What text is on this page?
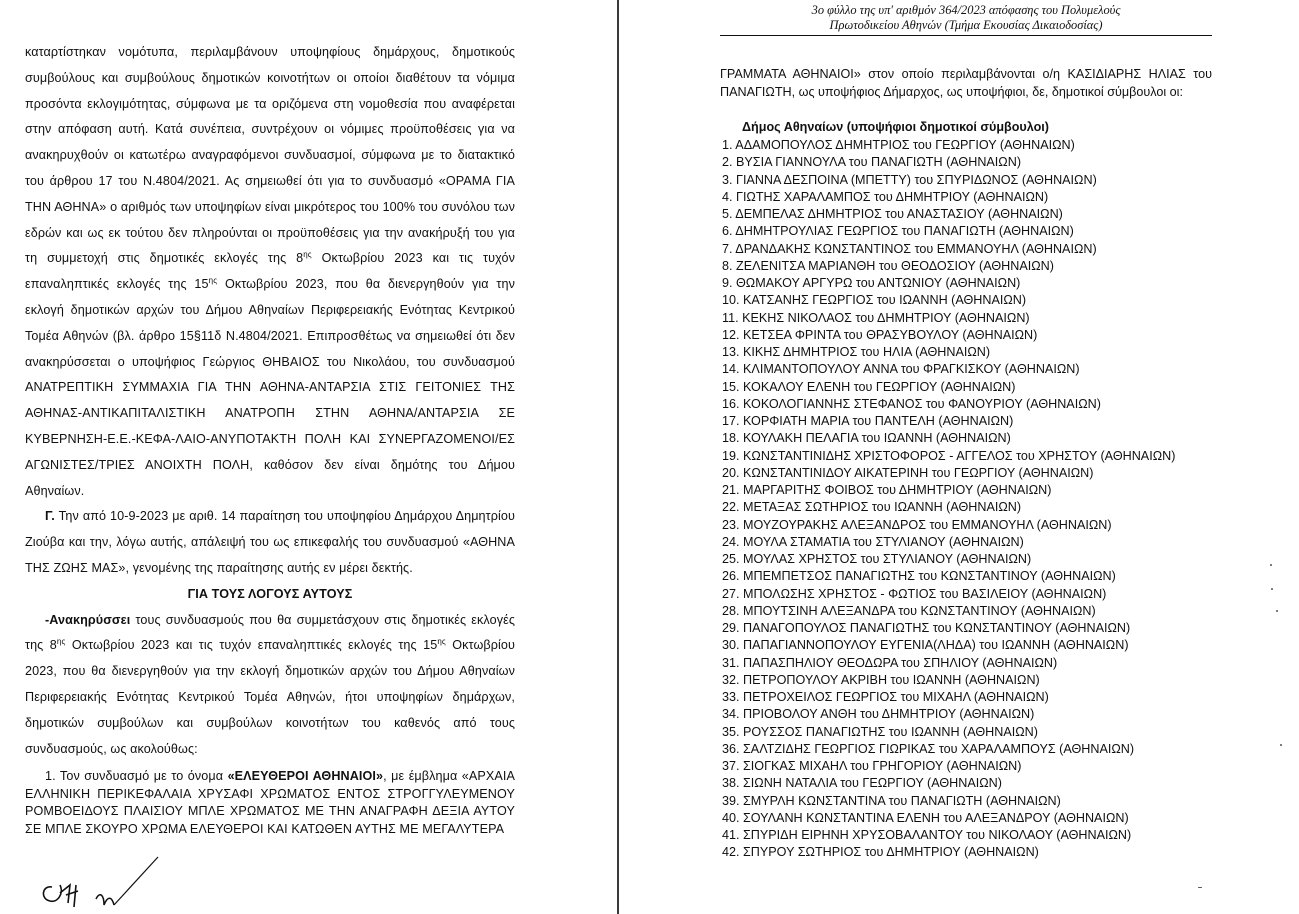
καταρτίστηκαν νομότυπα, περιλαμβάνουν υποψηφίους δημάρχους, δημοτικούς συμβούλους και συμβούλους δημοτικών κοινοτήτων οι οποίοι διαθέτουν τα νόμιμα προσόντα εκλογιμότητας, σύμφωνα με τα οριζόμενα στη νομοθεσία που αναφέρεται στην απόφαση αυτή. Κατά συνέπεια, συντρέχουν οι νόμιμες προϋποθέσεις για να ανακηρυχθούν οι κατωτέρω αναγραφόμενοι συνδυασμοί, σύμφωνα με το διατακτικό του άρθρου 17 του Ν.4804/2021. Ας σημειωθεί ότι για το συνδυασμό «ΟΡΑΜΑ ΓΙΑ ΤΗΝ ΑΘΗΝΑ» ο αριθμός των υποψηφίων είναι μικρότερος του 100% του συνόλου των εδρών και ως εκ τούτου δεν πληρούνται οι προϋποθέσεις για την ανακήρυξή του για τη συμμετοχή στις δημοτικές εκλογές της $8^{\eta\varsigma}$ Οκτωβρίου 2023 και τις τυχόν επαναληπτικές εκλογές της $15^{\eta\varsigma}$ Οκτωβρίου 2023, που θα διενεργηθούν για την εκλογή δημοτικών αρχών του Δήμου Αθηναίων Περιφερειακής Ενότητας Κεντρικού Τομέα Αθηνών (βλ. άρθρο 15§11δ Ν.4804/2021. Επιπροσθέτως να σημειωθεί ότι δεν ανακηρύσσεται ο υποψήφιος Γεώργιος ΘΗΒΑΙΟΣ του Νικολάου, του συνδυασμού ΑΝΑΤΡΕΠΤΙΚΗ ΣΥΜΜΑΧΙΑ ΓΙΑ ΤΗΝ ΑΘΗΝΑ-ΑΝΤΑΡΣΙΑ ΣΤΙΣ ΓΕΙΤΟΝΙΕΣ ΤΗΣ ΑΘΗΝΑΣ-ΑΝΤΙΚΑΠΙΤΑΛΙΣΤΙΚΗ ΑΝΑΤΡΟΠΗ ΣΤΗΝ ΑΘΗΝΑ/ΑΝΤΑΡΣΙΑ ΣΕ ΚΥΒΕΡΝΗΣΗ-Ε.Ε.-ΚΕΦΑ-ΛΑΙΟ-ΑΝΥΠΟΤΑΚΤΗ ΠΟΛΗ ΚΑΙ ΣΥΝΕΡΓΑΖΟΜΕΝΟΙ/ΕΣ ΑΓΩΝΙΣΤΕΣ/ΤΡΙΕΣ ΑΝΟΙΧΤΗ ΠΟΛΗ, καθόσον δεν είναι δημότης του Δήμου Αθηναίων.

Γ. Την από 10-9-2023 με αριθ. 14 παραίτηση του υποψηφίου Δημάρχου Δημητρίου Ζιούβα και την, λόγω αυτής, απάλειψή του ως επικεφαλής του συνδυασμού «ΑΘΗΝΑ ΤΗΣ ΖΩΗΣ ΜΑΣ», γενομένης της παραίτησης αυτής εν μέρει δεκτής.

ΓΙΑ ΤΟΥΣ ΛΟΓΟΥΣ ΑΥΤΟΥΣ

-Ανακηρύσσει τους συνδυασμούς που θα συμμετάσχουν στις δημοτικές εκλογές της $8^{\eta\varsigma}$ Οκτωβρίου 2023 και τις τυχόν επαναληπτικές εκλογές της $15^{\eta\varsigma}$ Οκτωβρίου 2023, που θα διενεργηθούν για την εκλογή δημοτικών αρχών του Δήμου Αθηναίων Περιφερειακής Ενότητας Κεντρικού Τομέα Αθηνών, ήτοι υποψηφίων δημάρχων, δημοτικών συμβούλων και συμβούλων κοινοτήτων του καθενός από τους συνδυασμούς, ως ακολούθως:

1. Τον συνδυασμό με το όνομα «ΕΛΕΥΘΕΡΟΙ ΑΘΗΝΑΙΟΙ», με έμβλημα «ΑΡΧΑΙΑ ΕΛΛΗΝΙΚΗ ΠΕΡΙΚΕΦΑΛΑΙΑ ΧΡΥΣΑΦΙ ΧΡΩΜΑΤΟΣ ΕΝΤΟΣ ΣΤΡΟΓΓΥΛΕΥΜΕΝΟΥ ΡΟΜΒΟΕΙΔΟΥΣ ΠΛΑΙΣΙΟΥ ΜΠΛΕ ΧΡΩΜΑΤΟΣ ΜΕ ΤΗΝ ΑΝΑΓΡΑΦΗ ΔΕΞΙΑ ΑΥΤΟΥ ΣΕ ΜΠΛΕ ΣΚΟΥΡΟ ΧΡΩΜΑ ΕΛΕΥΘΕΡΟΙ ΚΑΙ ΚΑΤΩΘΕΝ ΑΥΤΗΣ ΜΕ ΜΕΓΑΛΥΤΕΡΑ

3ο φύλλο της υπ' αριθμόν 364/2023 απόφασης του Πολυμελούς
Πρωτοδικείου Αθηνών (Τμήμα Εκουσίας Δικαιοδοσίας)

ΓΡΑΜΜΑΤΑ ΑΘΗΝΑΙΟΙ» στον οποίο περιλαμβάνονται ο/η ΚΑΣΙΔΙΑΡΗΣ ΗΛΙΑΣ του ΠΑΝΑΓΙΩΤΗ, ως υποψήφιος Δήμαρχος, ως υποψήφιοι, δε, δημοτικοί σύμβουλοι οι:

Δήμος Αθηναίων (υποψήφιοι δημοτικοί σύμβουλοι)

1. ΑΔΑΜΟΠΟΥΛΟΣ ΔΗΜΗΤΡΙΟΣ του ΓΕΩΡΓΙΟΥ (ΑΘΗΝΑΙΩΝ)
2. ΒΥΣΙΑ ΓΙΑΝΝΟΥΛΑ του ΠΑΝΑΓΙΩΤΗ (ΑΘΗΝΑΙΩΝ)
3. ΓΙΑΝΝΑ ΔΕΣΠΟΙΝΑ (ΜΠΕΤΤΥ) του ΣΠΥΡΙΔΩΝΟΣ (ΑΘΗΝΑΙΩΝ)
4. ΓΙΩΤΗΣ ΧΑΡΑΛΑΜΠΟΣ του ΔΗΜΗΤΡΙΟΥ (ΑΘΗΝΑΙΩΝ)
5. ΔΕΜΠΕΛΑΣ ΔΗΜΗΤΡΙΟΣ του ΑΝΑΣΤΑΣΙΟΥ (ΑΘΗΝΑΙΩΝ)
6. ΔΗΜΗΤΡΟΥΛΙΑΣ ΓΕΩΡΓΙΟΣ του ΠΑΝΑΓΙΩΤΗ (ΑΘΗΝΑΙΩΝ)
7. ΔΡΑΝΔΑΚΗΣ ΚΩΝΣΤΑΝΤΙΝΟΣ του ΕΜΜΑΝΟΥΗΛ (ΑΘΗΝΑΙΩΝ)
8. ΖΕΛΕΝΙΤΣΑ ΜΑΡΙΑΝΘΗ του ΘΕΟΔΟΣΙΟΥ (ΑΘΗΝΑΙΩΝ)
9. ΘΩΜΑΚΟΥ ΑΡΓΥΡΩ του ΑΝΤΩΝΙΟΥ (ΑΘΗΝΑΙΩΝ)
10. ΚΑΤΣΑΝΗΣ ΓΕΩΡΓΙΟΣ του ΙΩΑΝΝΗ (ΑΘΗΝΑΙΩΝ)
11. ΚΕΚΗΣ ΝΙΚΟΛΑΟΣ του ΔΗΜΗΤΡΙΟΥ (ΑΘΗΝΑΙΩΝ)
12. ΚΕΤΣΕΑ ΦΡΙΝΤΑ του ΘΡΑΣΥΒΟΥΛΟΥ (ΑΘΗΝΑΙΩΝ)
13. ΚΙΚΗΣ ΔΗΜΗΤΡΙΟΣ του ΗΛΙΑ (ΑΘΗΝΑΙΩΝ)
14. ΚΛΙΜΑΝΤΟΠΟΥΛΟΥ ΑΝΝΑ του ΦΡΑΓΚΙΣΚΟΥ (ΑΘΗΝΑΙΩΝ)
15. ΚΟΚΑΛΟΥ ΕΛΕΝΗ του ΓΕΩΡΓΙΟΥ (ΑΘΗΝΑΙΩΝ)
16. ΚΟΚΟΛΟΓΙΑΝΝΗΣ ΣΤΕΦΑΝΟΣ του ΦΑΝΟΥΡΙΟΥ (ΑΘΗΝΑΙΩΝ)
17. ΚΟΡΦΙΑΤΗ ΜΑΡΙΑ του ΠΑΝΤΕΛΗ (ΑΘΗΝΑΙΩΝ)
18. ΚΟΥΛΑΚΗ ΠΕΛΑΓΙΑ του ΙΩΑΝΝΗ (ΑΘΗΝΑΙΩΝ)
19. ΚΩΝΣΤΑΝΤΙΝΙΔΗΣ ΧΡΙΣΤΟΦΟΡΟΣ - ΑΓΓΕΛΟΣ του ΧΡΗΣΤΟΥ (ΑΘΗΝΑΙΩΝ)
20. ΚΩΝΣΤΑΝΤΙΝΙΔΟΥ ΑΙΚΑΤΕΡΙΝΗ του ΓΕΩΡΓΙΟΥ (ΑΘΗΝΑΙΩΝ)
21. ΜΑΡΓΑΡΙΤΗΣ ΦΟΙΒΟΣ του ΔΗΜΗΤΡΙΟΥ (ΑΘΗΝΑΙΩΝ)
22. ΜΕΤΑΞΑΣ ΣΩΤΗΡΙΟΣ του ΙΩΑΝΝΗ (ΑΘΗΝΑΙΩΝ)
23. ΜΟΥΖΟΥΡΑΚΗΣ ΑΛΕΞΑΝΔΡΟΣ του ΕΜΜΑΝΟΥΗΛ (ΑΘΗΝΑΙΩΝ)
24. ΜΟΥΛΑ ΣΤΑΜΑΤΙΑ του ΣΤΥΛΙΑΝΟΥ (ΑΘΗΝΑΙΩΝ)
25. ΜΟΥΛΑΣ ΧΡΗΣΤΟΣ του ΣΤΥΛΙΑΝΟΥ (ΑΘΗΝΑΙΩΝ)
26. ΜΠΕΜΠΕΤΣΟΣ ΠΑΝΑΓΙΩΤΗΣ του ΚΩΝΣΤΑΝΤΙΝΟΥ (ΑΘΗΝΑΙΩΝ)
27. ΜΠΟΛΩΣΗΣ ΧΡΗΣΤΟΣ - ΦΩΤΙΟΣ του ΒΑΣΙΛΕΙΟΥ (ΑΘΗΝΑΙΩΝ)
28. ΜΠΟΥΤΣΙΝΗ ΑΛΕΞΑΝΔΡΑ του ΚΩΝΣΤΑΝΤΙΝΟΥ (ΑΘΗΝΑΙΩΝ)
29. ΠΑΝΑΓΟΠΟΥΛΟΣ ΠΑΝΑΓΙΩΤΗΣ του ΚΩΝΣΤΑΝΤΙΝΟΥ (ΑΘΗΝΑΙΩΝ)
30. ΠΑΠΑΓΙΑΝΝΟΠΟΥΛΟΥ ΕΥΓΕΝΙΑ(ΛΗΔΑ) του ΙΩΑΝΝΗ (ΑΘΗΝΑΙΩΝ)
31. ΠΑΠΑΣΠΗΛΙΟΥ ΘΕΟΔΩΡΑ του ΣΠΗΛΙΟΥ (ΑΘΗΝΑΙΩΝ)
32. ΠΕΤΡΟΠΟΥΛΟΥ ΑΚΡΙΒΗ του ΙΩΑΝΝΗ (ΑΘΗΝΑΙΩΝ)
33. ΠΕΤΡΟΧΕΙΛΟΣ ΓΕΩΡΓΙΟΣ του ΜΙΧΑΗΛ (ΑΘΗΝΑΙΩΝ)
34. ΠΡΙΟΒΟΛΟΥ ΑΝΘΗ του ΔΗΜΗΤΡΙΟΥ (ΑΘΗΝΑΙΩΝ)
35. ΡΟΥΣΣΟΣ ΠΑΝΑΓΙΩΤΗΣ του ΙΩΑΝΝΗ (ΑΘΗΝΑΙΩΝ)
36. ΣΑΛΤΖΙΔΗΣ ΓΕΩΡΓΙΟΣ ΓΙΩΡΙΚΑΣ του ΧΑΡΑΛΑΜΠΟΥΣ (ΑΘΗΝΑΙΩΝ)
37. ΣΙΟΓΚΑΣ ΜΙΧΑΗΛ του ΓΡΗΓΟΡΙΟΥ (ΑΘΗΝΑΙΩΝ)
38. ΣΙΩΝΗ ΝΑΤΑΛΙΑ του ΓΕΩΡΓΙΟΥ (ΑΘΗΝΑΙΩΝ)
39. ΣΜΥΡΛΗ ΚΩΝΣΤΑΝΤΙΝΑ του ΠΑΝΑΓΙΩΤΗ (ΑΘΗΝΑΙΩΝ)
40. ΣΟΥΛΑΝΗ ΚΩΝΣΤΑΝΤΙΝΑ ΕΛΕΝΗ του ΑΛΕΞΑΝΔΡΟΥ (ΑΘΗΝΑΙΩΝ)
41. ΣΠΥΡΙΔΗ ΕΙΡΗΝΗ ΧΡΥΣΟΒΑΛΑΝΤΟΥ του ΝΙΚΟΛΑΟΥ (ΑΘΗΝΑΙΩΝ)
42. ΣΠΥΡΟΥ ΣΩΤΗΡΙΟΣ του ΔΗΜΗΤΡΙΟΥ (ΑΘΗΝΑΙΩΝ)
